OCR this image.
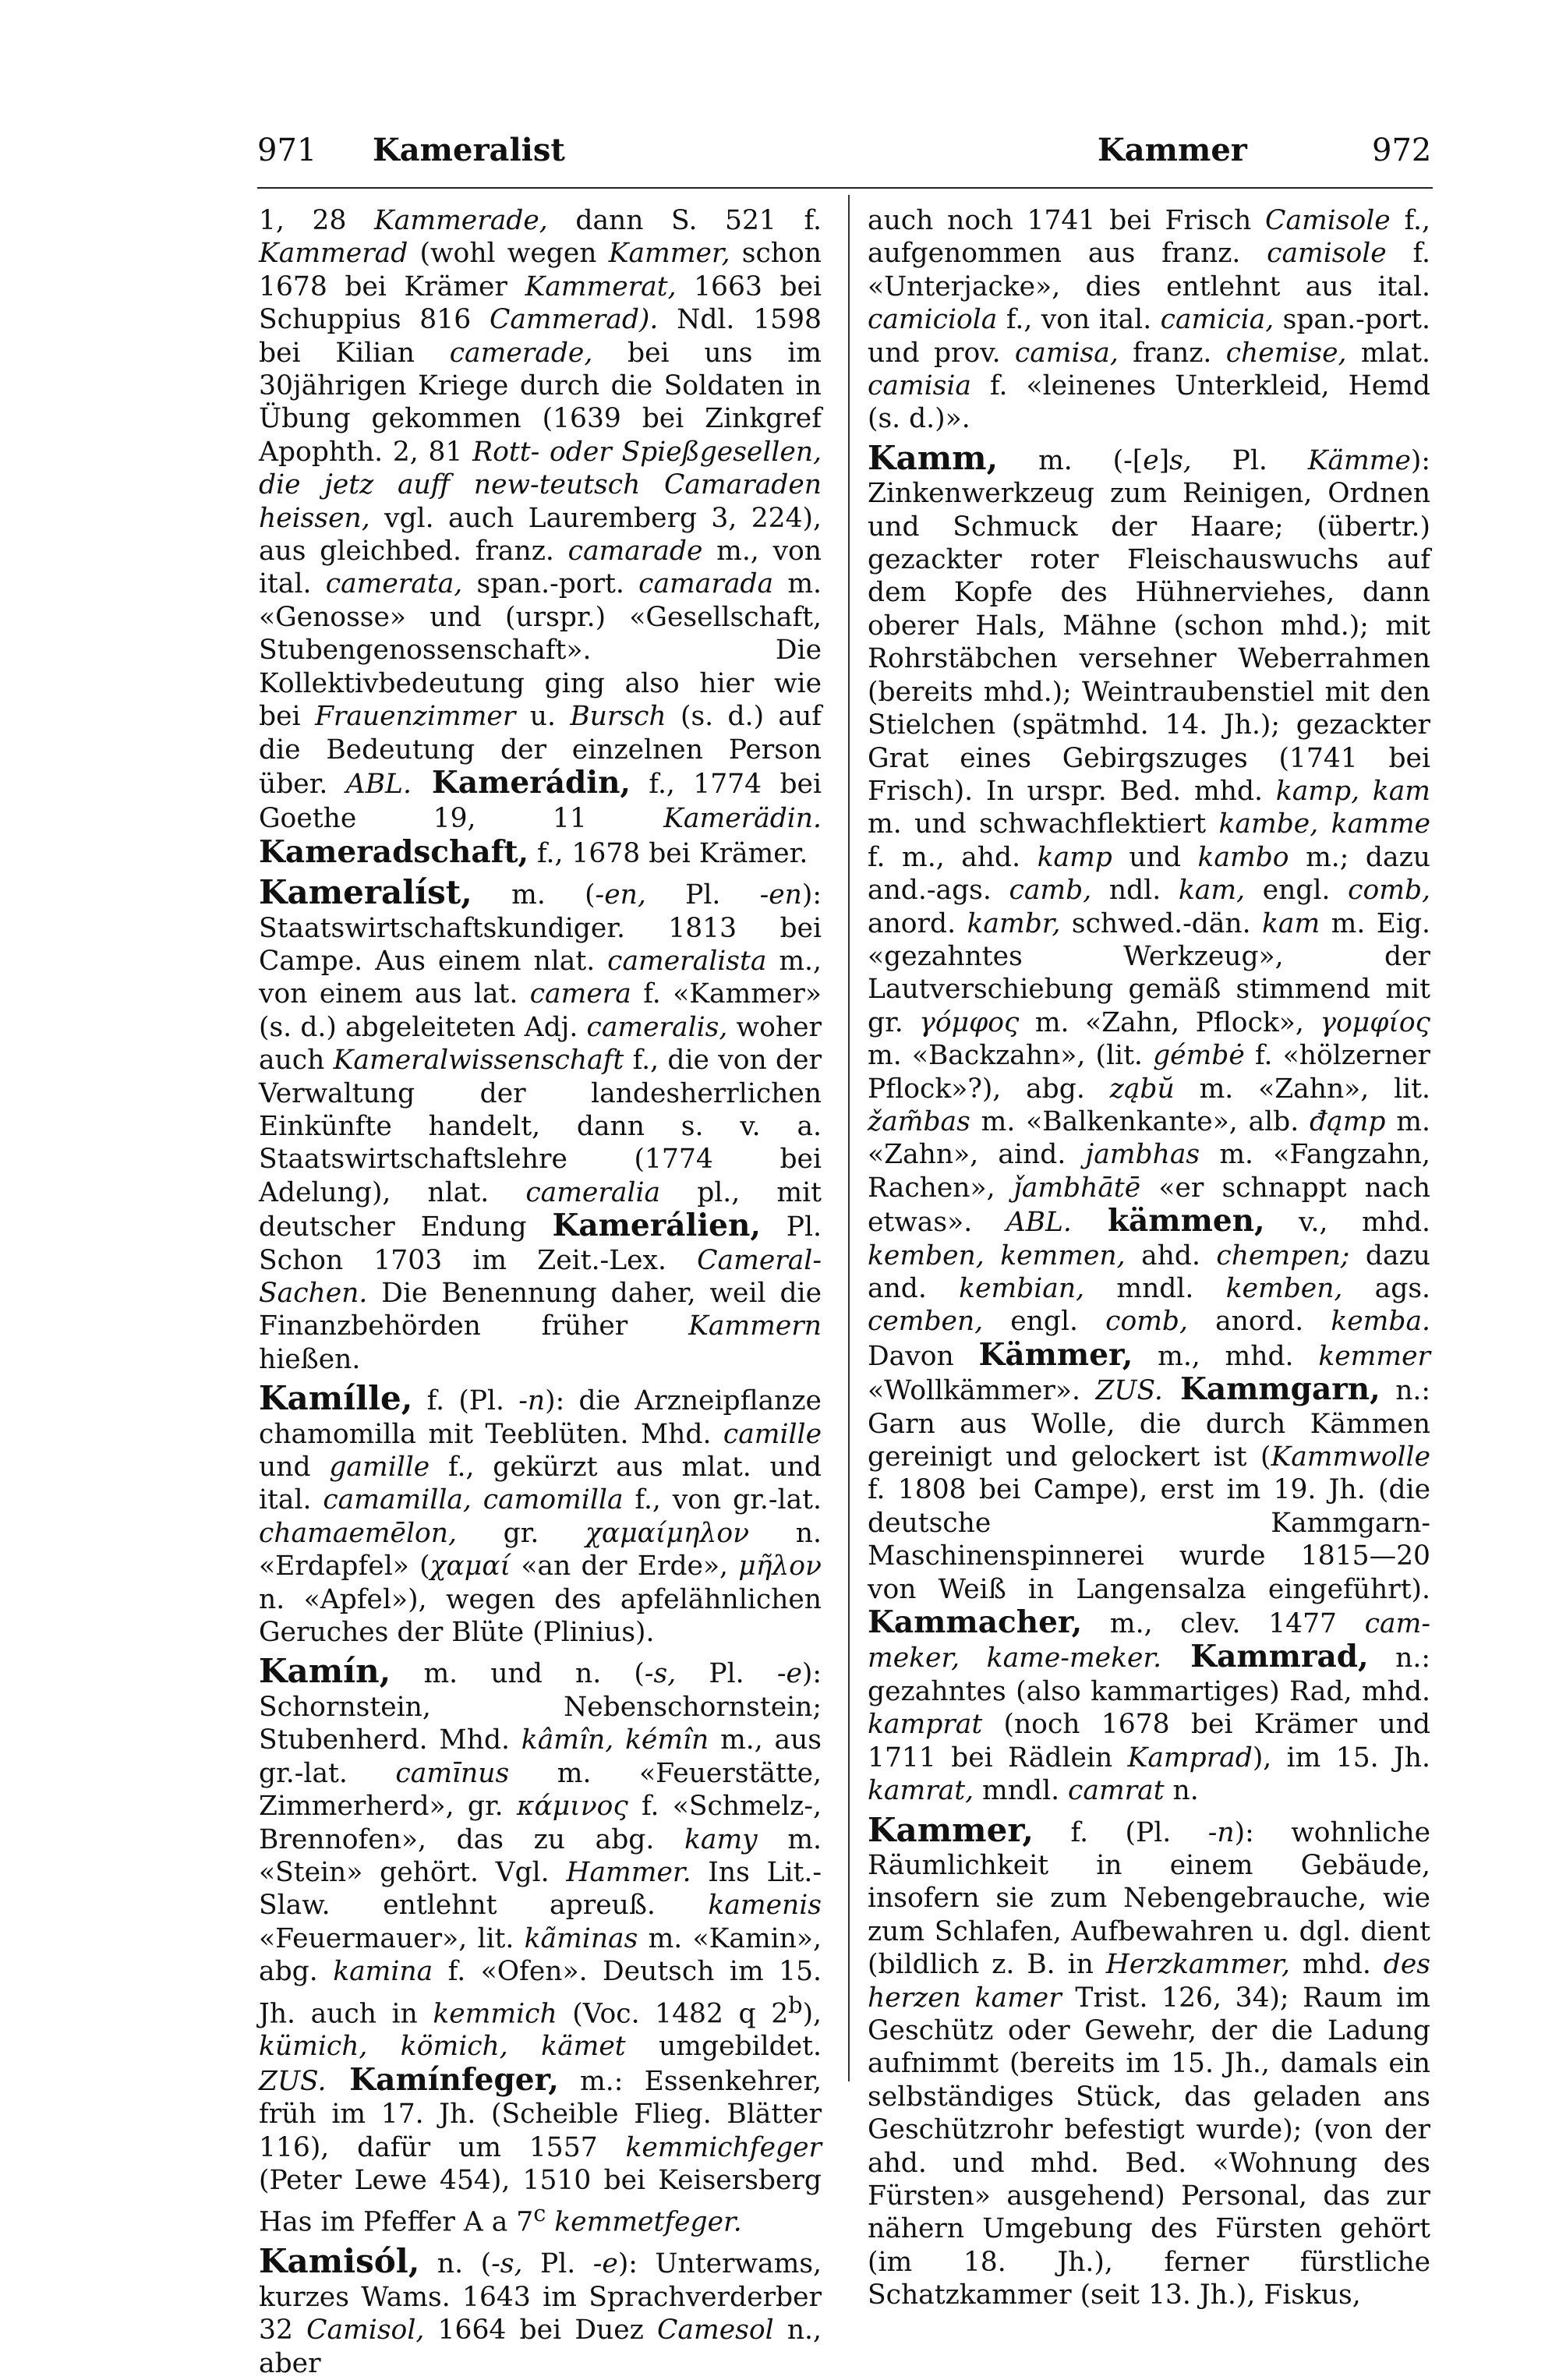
971 Kameralist	Kammer	972

1, 28 Kammerade, dann S. 521 f. Kammerad (wohl wegen Kammer, schon 1678 bei Krämer Kammerat, 1663 bei Schuppius 816 Cammerad). Ndl. 1598 bei Kilian camerade, bei uns im 30jährigen Kriege durch die Soldaten in Übung gekommen (1639 bei Zinkgref Apophth. 2, 81 Rott- oder Spießgesellen, die jetz auff new-teutsch Camaraden heissen, vgl. auch Lauremberg 3, 224), aus gleichbed. franz. camarade m., von ital. camerata, span.-port. camarada m. «Genosse» und (urspr.) «Gesellschaft, Stubengenossenschaft». Die Kollektivbedeutung ging also hier wie bei Frauenzimmer u. Bursch (s. d.) auf die Bedeutung der einzelnen Person über. ABL. Kamerádin, f., 1774 bei Goethe 19, 11 Kamerädin. Kameradschaft, f., 1678 bei Krämer.

Kameralíst, m. (-en, Pl. -en): Staatswirtschaftskundiger. 1813 bei Campe. Aus einem nlat. cameralista m., von einem aus lat. camera f. «Kammer» (s. d.) abgeleiteten Adj. cameralis, woher auch Kameralwissenschaft f., die von der Verwaltung der landesherrlichen Einkünfte handelt, dann s. v. a. Staatswirtschaftslehre (1774 bei Adelung), nlat. cameralia pl., mit deutscher Endung Kamerálien, Pl. Schon 1703 im Zeit.-Lex. Cameral-Sachen. Die Benennung daher, weil die Finanzbehörden früher Kammern hießen.

Kamílle, f. (Pl. -n): die Arzneipflanze chamomilla mit Teeblüten. Mhd. camille und gamille f., gekürzt aus mlat. und ital. camamilla, camomilla f., von gr.-lat. chamaemēlon, gr. χαμαίμηλον n. «Erdapfel» (χαμαί «an der Erde», μῆλον n. «Apfel»), wegen des apfelähnlichen Geruches der Blüte (Plinius).

Kamín, m. und n. (-s, Pl. -e): Schornstein, Nebenschornstein; Stubenherd. Mhd. kâmîn, kémîn m., aus gr.-lat. camīnus m. «Feuerstätte, Zimmerherd», gr. κάμινος f. «Schmelz-, Brennofen», das zu abg. kamy m. «Stein» gehört. Vgl. Hammer. Ins Lit.-Slaw. entlehnt apreuß. kamenis «Feuermauer», lit. kãminas m. «Kamin», abg. kamina f. «Ofen». Deutsch im 15. Jh. auch in kemmich (Voc. 1482 q 2$^b$), kümich, kömich, kämet umgebildet. ZUS. Kamínfeger, m.: Essenkehrer, früh im 17. Jh. (Scheible Flieg. Blätter 116), dafür um 1557 kemmichfeger (Peter Lewe 454), 1510 bei Keisersberg Has im Pfeffer A a 7$^c$ kemmetfeger.

Kamisól, n. (-s, Pl. -e): Unterwams, kurzes Wams. 1643 im Sprachverderber 32 Camisol, 1664 bei Duez Camesol n., aber

auch noch 1741 bei Frisch Camisole f., aufgenommen aus franz. camisole f. «Unterjacke», dies entlehnt aus ital. camiciola f., von ital. camicia, span.-port. und prov. camisa, franz. chemise, mlat. camisia f. «leinenes Unterkleid, Hemd (s. d.)».

Kamm, m. (-[e]s, Pl. Kämme): Zinkenwerkzeug zum Reinigen, Ordnen und Schmuck der Haare; (übertr.) gezackter roter Fleischauswuchs auf dem Kopfe des Hühnerviehes, dann oberer Hals, Mähne (schon mhd.); mit Rohrstäbchen versehner Weberrahmen (bereits mhd.); Weintraubenstiel mit den Stielchen (spätmhd. 14. Jh.); gezackter Grat eines Gebirgszuges (1741 bei Frisch). In urspr. Bed. mhd. kamp, kam m. und schwachflektiert kambe, kamme f. m., ahd. kamp und kambo m.; dazu and.-ags. camb, ndl. kam, engl. comb, anord. kambr, schwed.-dän. kam m. Eig. «gezahntes Werkzeug», der Lautverschiebung gemäß stimmend mit gr. γόμφος m. «Zahn, Pflock», γομφίος m. «Backzahn», (lit. gémbė f. «hölzerner Pflock»?), abg. ząbŭ m. «Zahn», lit. žam̃bas m. «Balkenkante», alb. đąmp m. «Zahn», aind. jambhas m. «Fangzahn, Rachen», ǰambhātē «er schnappt nach etwas». ABL. kämmen, v., mhd. kemben, kemmen, ahd. chempen; dazu and. kembian, mndl. kemben, ags. cemben, engl. comb, anord. kemba. Davon Kämmer, m., mhd. kemmer «Wollkämmer». ZUS. Kammgarn, n.: Garn aus Wolle, die durch Kämmen gereinigt und gelockert ist (Kammwolle f. 1808 bei Campe), erst im 19. Jh. (die deutsche Kammgarn-Maschinenspinnerei wurde 1815—20 von Weiß in Langensalza eingeführt). Kammacher, m., clev. 1477 cam-meker, kame-meker. Kammrad, n.: gezahntes (also kammartiges) Rad, mhd. kamprat (noch 1678 bei Krämer und 1711 bei Rädlein Kamprad), im 15. Jh. kamrat, mndl. camrat n.

Kammer, f. (Pl. -n): wohnliche Räumlichkeit in einem Gebäude, insofern sie zum Nebengebrauche, wie zum Schlafen, Aufbewahren u. dgl. dient (bildlich z. B. in Herzkammer, mhd. des herzen kamer Trist. 126, 34); Raum im Geschütz oder Gewehr, der die Ladung aufnimmt (bereits im 15. Jh., damals ein selbständiges Stück, das geladen ans Geschützrohr befestigt wurde); (von der ahd. und mhd. Bed. «Wohnung des Fürsten» ausgehend) Personal, das zur nähern Umgebung des Fürsten gehört (im 18. Jh.), ferner fürstliche Schatzkammer (seit 13. Jh.), Fiskus,
